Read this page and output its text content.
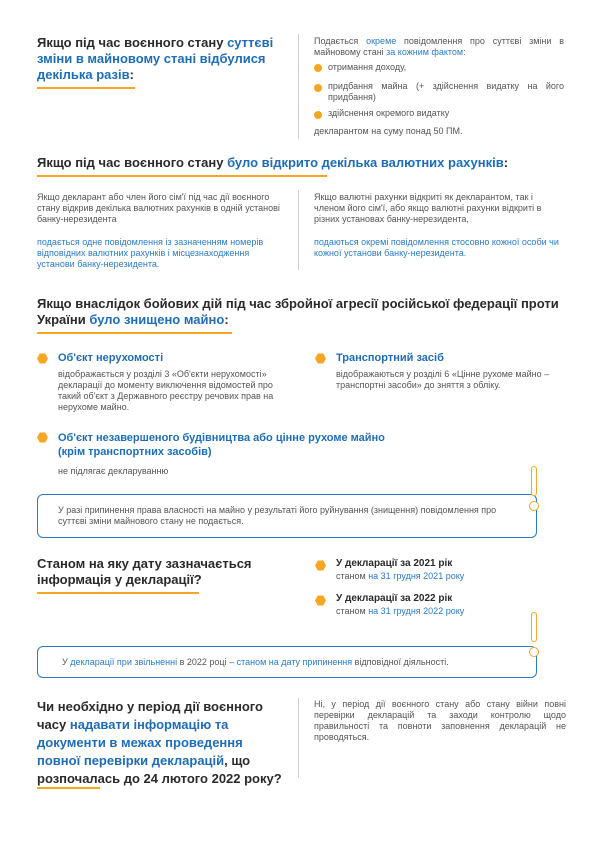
Якщо під час воєнного стану суттєві зміни в майновому стані відбулися декілька разів:
Подається окреме повідомлення про суттєві зміни в майновому стані за кожним фактом:
отримання доходу,
придбання майна (+ здійснення видатку на його придбання)
здійснення окремого видатку
декларантом на суму понад 50 ПМ.
Якщо під час воєнного стану було відкрито декілька валютних рахунків:
Якщо декларант або член його сім'ї під час дії воєнного стану відкрив декілька валютних рахунків в одній установі банку-нерезидента
подається одне повідомлення із зазначенням номерів відповідних валютних рахунків і місцезнаходження установи банку-нерезидента.
Якщо валютні рахунки відкриті як декларантом, так і членом його сім'ї, або якщо валютні рахунки відкриті в різних установах банку-нерезидента,
подаються окремі повідомлення стосовно кожної особи чи кожної установи банку-нерезидента.
Якщо внаслідок бойових дій під час збройної агресії російської федерації проти України було знищено майно:
Об'єкт нерухомості
відображається у розділі 3 «Об'єкти нерухомості» декларації до моменту виключення відомостей про такий об'єкт з Державного реєстру речових прав на нерухоме майно.
Транспортний засіб
відображаються у розділі 6 «Цінне рухоме майно – транспортні засоби» до зняття з обліку.
Об'єкт незавершеного будівництва або цінне рухоме майно (крім транспортних засобів)
не підлягає декларуванню
У разі припинення права власності на майно у результаті його руйнування (знищення) повідомлення про суттєві зміни майнового стану не подається.
Станом на яку дату зазначається інформація у декларації?
У декларації за 2021 рік
станом на 31 грудня 2021 року
У декларації за 2022 рік
станом на 31 грудня 2022 року
У декларації при звільненні в 2022 році – станом на дату припинення відповідної діяльності.
Чи необхідно у період дії воєнного часу надавати інформацію та документи в межах проведення повної перевірки декларацій, що розпочалась до 24 лютого 2022 року?
Ні, у період дії воєнного стану або стану війни повні перевірки декларацій та заходи контролю щодо правильності та повноти заповнення декларацій не проводяться.
